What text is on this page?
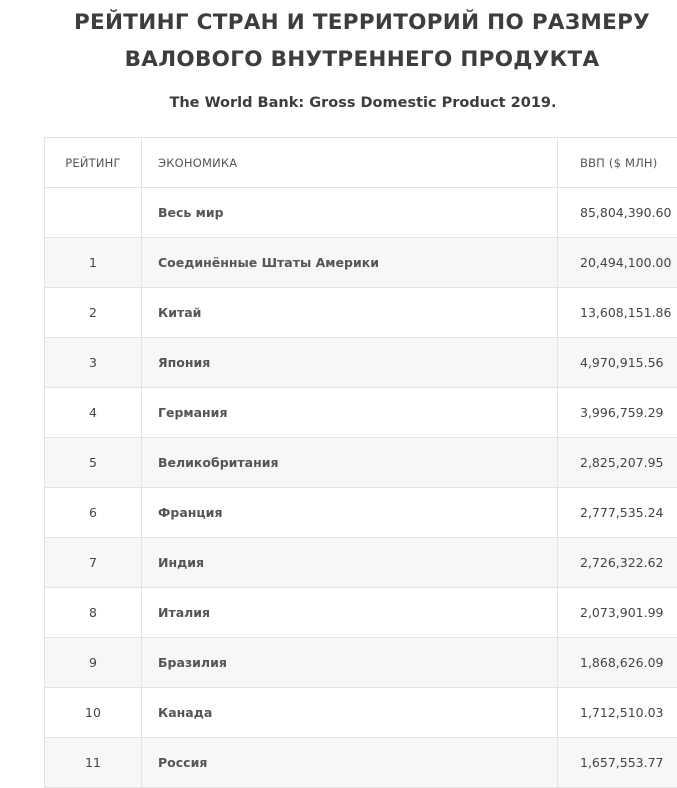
РЕЙТИНГ СТРАН И ТЕРРИТОРИЙ ПО РАЗМЕРУ
ВАЛОВОГО ВНУТРЕННЕГО ПРОДУКТА
The World Bank: Gross Domestic Product 2019.
РЕЙТИНГ	ЭКОНОМИКА	ВВП ($ МЛН)
	Весь мир	85,804,390.60
1	Соединённые Штаты Америки	20,494,100.00
2	Китай	13,608,151.86
3	Япония	4,970,915.56
4	Германия	3,996,759.29
5	Великобритания	2,825,207.95
6	Франция	2,777,535.24
7	Индия	2,726,322.62
8	Италия	2,073,901.99
9	Бразилия	1,868,626.09
10	Канада	1,712,510.03
11	Россия	1,657,553.77
